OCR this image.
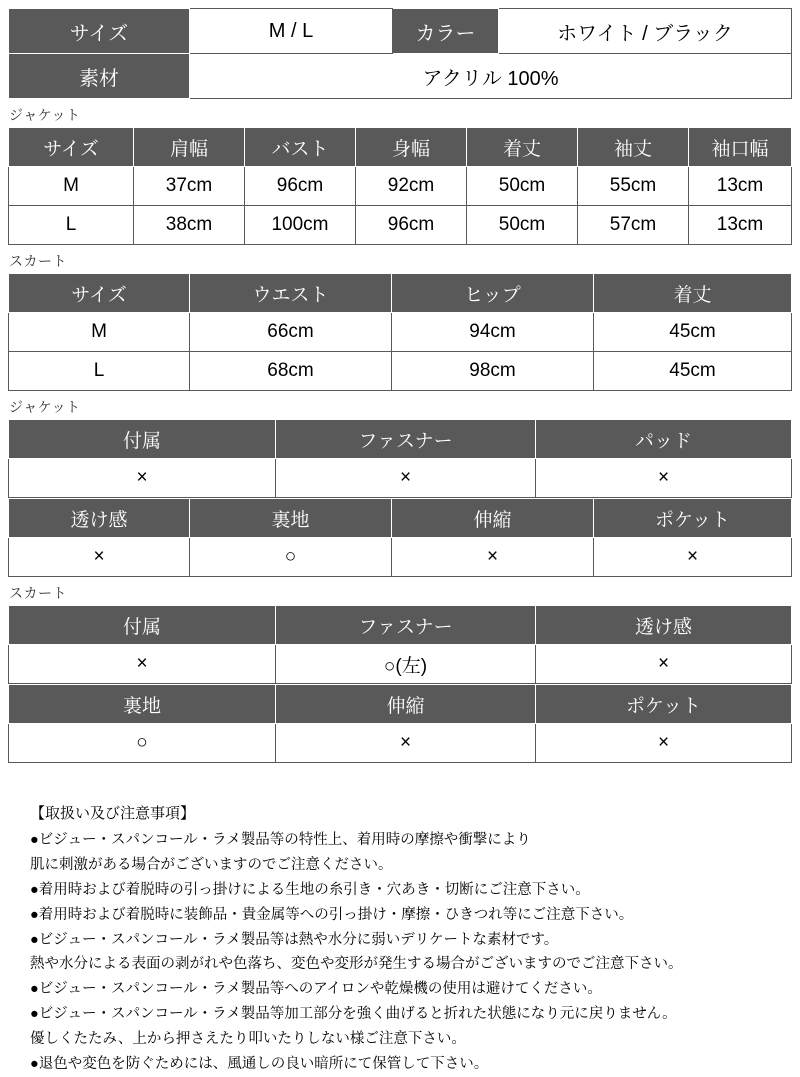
サイズ	M / L	カラー	ホワイト / ブラック
素材	アクリル 100%		
ジャケット
サイズ	肩幅	バスト	身幅	着丈	袖丈	袖口幅
M	37cm	96cm	92cm	50cm	55cm	13cm
L	38cm	100cm	96cm	50cm	57cm	13cm
スカート
サイズ	ウエスト	ヒップ	着丈
M	66cm	94cm	45cm
L	68cm	98cm	45cm
ジャケット
付属	ファスナー	パッド
×	×	×
透け感	裏地	伸縮	ポケット
×	○	×	×
スカート
付属	ファスナー	透け感
×	○(左)	×
裏地	伸縮	ポケット
○	×	×

【取扱い及び注意事項】

●ビジュー・スパンコール・ラメ製品等の特性上、着用時の摩擦や衝撃により

肌に刺激がある場合がございますのでご注意ください。

●着用時および着脱時の引っ掛けによる生地の糸引き・穴あき・切断にご注意下さい。

●着用時および着脱時に装飾品・貴金属等への引っ掛け・摩擦・ひきつれ等にご注意下さい。

●ビジュー・スパンコール・ラメ製品等は熱や水分に弱いデリケートな素材です。

熱や水分による表面の剥がれや色落ち、変色や変形が発生する場合がございますのでご注意下さい。

●ビジュー・スパンコール・ラメ製品等へのアイロンや乾燥機の使用は避けてください。

●ビジュー・スパンコール・ラメ製品等加工部分を強く曲げると折れた状態になり元に戻りません。

優しくたたみ、上から押さえたり叩いたりしない様ご注意下さい。

●退色や変色を防ぐためには、風通しの良い暗所にて保管して下さい。
